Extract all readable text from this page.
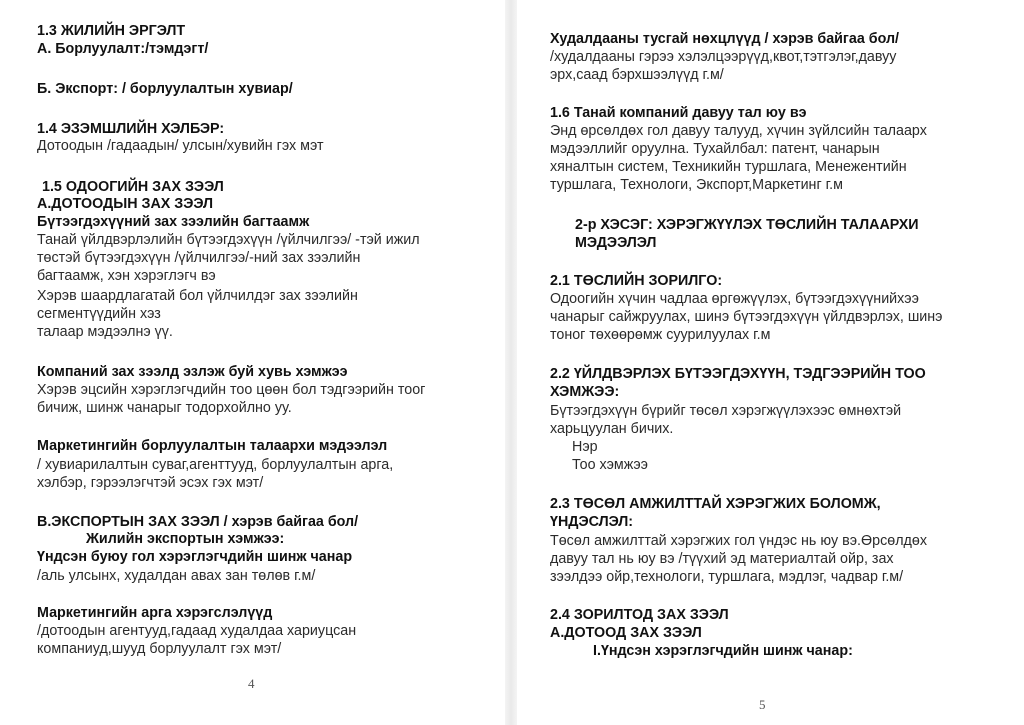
1.3 ЖИЛИЙН ЭРГЭЛТ
А. Борлуулалт:/тэмдэгт/
Б. Экспорт: / борлуулалтын хувиар/
1.4 ЭЗЭМШЛИЙН ХЭЛБЭР:
Дотоодын /гадаадын/ улсын/хувийн гэх мэт
1.5 ОДООГИЙН ЗАХ ЗЭЭЛ
А.ДОТООДЫН ЗАХ ЗЭЭЛ
Бүтээгдэхүүний зах зээлийн багтаамж
Танай үйлдвэрлэлийн бүтээгдэхүүн /үйлчилгээ/ -тэй ижил
төстэй бүтээгдэхүүн /үйлчилгээ/-ний зах зээлийн
багтаамж, хэн хэрэглэгч вэ
Хэрэв шаардлагатай бол үйлчилдэг зах зээлийн
сегментүүдийн хэз
талаар мэдээлнэ үү.
Компаний зах зээлд эзлэж буй хувь хэмжээ
Хэрэв эцсийн хэрэглэгчдийн тоо цөөн бол тэдгээрийн тоог
бичиж, шинж чанарыг тодорхойлно уу.
Маркетингийн борлуулалтын талаархи мэдээлэл
/ хувиарилалтын суваг,агенттууд, борлуулалтын арга,
хэлбэр, гэрээлэгчтэй эсэх гэх мэт/
В.ЭКСПОРТЫН ЗАХ ЗЭЭЛ / хэрэв байгаа бол/
Жилийн экспортын хэмжээ:
Үндсэн буюу гол хэрэглэгчдийн шинж чанар
/аль улсынх, худалдан авах зан төлөв г.м/
Маркетингийн арга хэрэгслэлүүд
/дотоодын агентууд,гадаад худалдаа хариуцсан
компаниуд,шууд борлуулалт гэх мэт/
4
Худалдааны тусгай нөхцлүүд / хэрэв байгаа бол/
/худалдааны гэрээ хэлэлцээрүүд,квот,тэтгэлэг,давуу
эрх,саад бэрхшээлүүд г.м/
1.6 Танай компаний давуу тал юу вэ
Энд өрсөлдөх гол давуу талууд, хүчин зүйлсийн талаарх
мэдээллийг оруулна. Тухайлбал: патент, чанарын
хяналтын систем, Техникийн туршлага, Менежентийн
туршлага, Технологи, Экспорт,Маркетинг г.м
2-р ХЭСЭГ: ХЭРЭГЖҮҮЛЭХ ТӨСЛИЙН ТАЛААРХИ
МЭДЭЭЛЭЛ
2.1 ТӨСЛИЙН ЗОРИЛГО:
Одоогийн хүчин чадлаа өргөжүүлэх, бүтээгдэхүүнийхээ
чанарыг сайжруулах, шинэ бүтээгдэхүүн үйлдвэрлэх, шинэ
тоног төхөөрөмж суурилуулах г.м
2.2 ҮЙЛДВЭРЛЭХ БҮТЭЭГДЭХҮҮН, ТЭДГЭЭРИЙН ТОО
ХЭМЖЭЭ:
Бүтээгдэхүүн бүрийг төсөл хэрэгжүүлэхээс өмнөхтэй
харьцуулан бичих.
Нэр
Тоо хэмжээ
2.3 ТӨСӨЛ АМЖИЛТТАЙ ХЭРЭГЖИХ БОЛОМЖ,
ҮНДЭСЛЭЛ:
Төсөл амжилттай хэрэгжих гол үндэс нь юу вэ.Өрсөлдөх
давуу тал нь юу вэ /түүхий эд материалтай ойр, зах
зээлдээ ойр,технологи, туршлага, мэдлэг, чадвар г.м/
2.4 ЗОРИЛТОД ЗАХ ЗЭЭЛ
А.ДОТООД ЗАХ ЗЭЭЛ
I.Үндсэн хэрэглэгчдийн шинж чанар:
5
